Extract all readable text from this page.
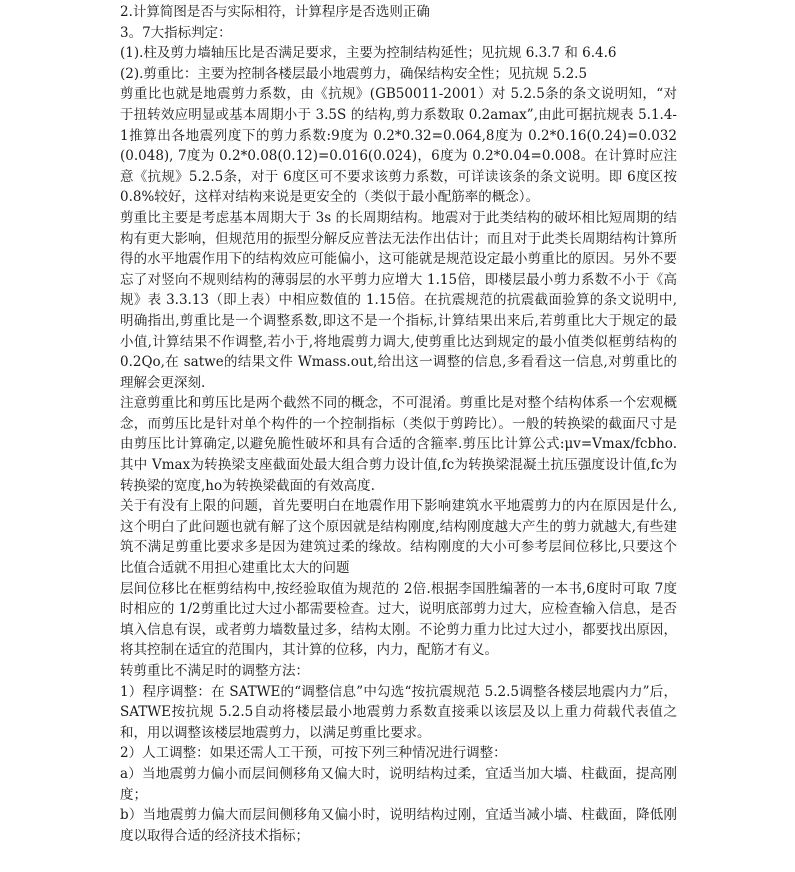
2.计算简图是否与实际相符，计算程序是否选则正确

3。7大指标判定：

(1).柱及剪力墙轴压比是否满足要求，主要为控制结构延性；见抗规 6.3.7 和 6.4.6

(2).剪重比：主要为控制各楼层最小地震剪力，确保结构安全性；见抗规 5.2.5

剪重比也就是地震剪力系数，由《抗规》(GB50011-2001）对 5.2.5条的条文说明知，“对于扭转效应明显或基本周期小于 3.5S 的结构,剪力系数取 0.2amax”,由此可据抗规表 5.1.4-1推算出各地震列度下的剪力系数:9度为 0.2*0.32=0.064,8度为 0.2*0.16(0.24)=0.032(0.048), 7度为 0.2*0.08(0.12)=0.016(0.024)，6度为 0.2*0.04=0.008。在计算时应注意《抗规》5.2.5条，对于 6度区可不要求该剪力系数，可详读该条的条文说明。即 6度区按 0.8%较好，这样对结构来说是更安全的（类似于最小配筋率的概念）。

剪重比主要是考虑基本周期大于 3s 的长周期结构。地震对于此类结构的破坏相比短周期的结构有更大影响，但规范用的振型分解反应普法无法作出估计；而且对于此类长周期结构计算所得的水平地震作用下的结构效应可能偏小，这可能就是规范设定最小剪重比的原因。另外不要忘了对竖向不规则结构的薄弱层的水平剪力应增大 1.15倍，即楼层最小剪力系数不小于《高规》表 3.3.13（即上表）中相应数值的 1.15倍。在抗震规范的抗震截面验算的条文说明中,明确指出,剪重比是一个调整系数,即这不是一个指标,计算结果出来后,若剪重比大于规定的最小值,计算结果不作调整,若小于,将地震剪力调大,使剪重比达到规定的最小值类似框剪结构的 0.2Qo,在 satwe的结果文件 Wmass.out,给出这一调整的信息,多看看这一信息,对剪重比的理解会更深刻.

注意剪重比和剪压比是两个截然不同的概念，不可混淆。剪重比是对整个结构体系一个宏观概念，而剪压比是针对单个构件的一个控制指标（类似于剪跨比）。一般的转换梁的截面尺寸是由剪压比计算确定,以避免脆性破坏和具有合适的含箍率.剪压比计算公式:μv=Vmax/fcbho.其中 Vmax为转换梁支座截面处最大组合剪力设计值,fc为转换梁混凝土抗压强度设计值,fc为转换梁的宽度,ho为转换梁截面的有效高度.

关于有没有上限的问题，首先要明白在地震作用下影响建筑水平地震剪力的内在原因是什么,这个明白了此问题也就有解了这个原因就是结构刚度,结构刚度越大产生的剪力就越大,有些建筑不满足剪重比要求多是因为建筑过柔的缘故。结构刚度的大小可参考层间位移比,只要这个比值合适就不用担心建重比太大的问题

层间位移比在框剪结构中,按经验取值为规范的 2倍.根据李国胜编著的一本书,6度时可取 7度时相应的 1/2剪重比过大过小都需要检查。过大，说明底部剪力过大，应检查输入信息，是否填入信息有误，或者剪力墙数量过多，结构太刚。不论剪力重力比过大过小，都要找出原因，将其控制在适宜的范围内，其计算的位移，内力，配筋才有义。

转剪重比不满足时的调整方法：

1）程序调整：在 SATWE的“调整信息”中勾选“按抗震规范 5.2.5调整各楼层地震内力”后，SATWE按抗规 5.2.5自动将楼层最小地震剪力系数直接乘以该层及以上重力荷载代表值之和，用以调整该楼层地震剪力，以满足剪重比要求。

2）人工调整：如果还需人工干预，可按下列三种情况进行调整：

a）当地震剪力偏小而层间侧移角又偏大时，说明结构过柔，宜适当加大墙、柱截面，提高刚度；

b）当地震剪力偏大而层间侧移角又偏小时，说明结构过刚，宜适当减小墙、柱截面，降低刚度以取得合适的经济技术指标；
